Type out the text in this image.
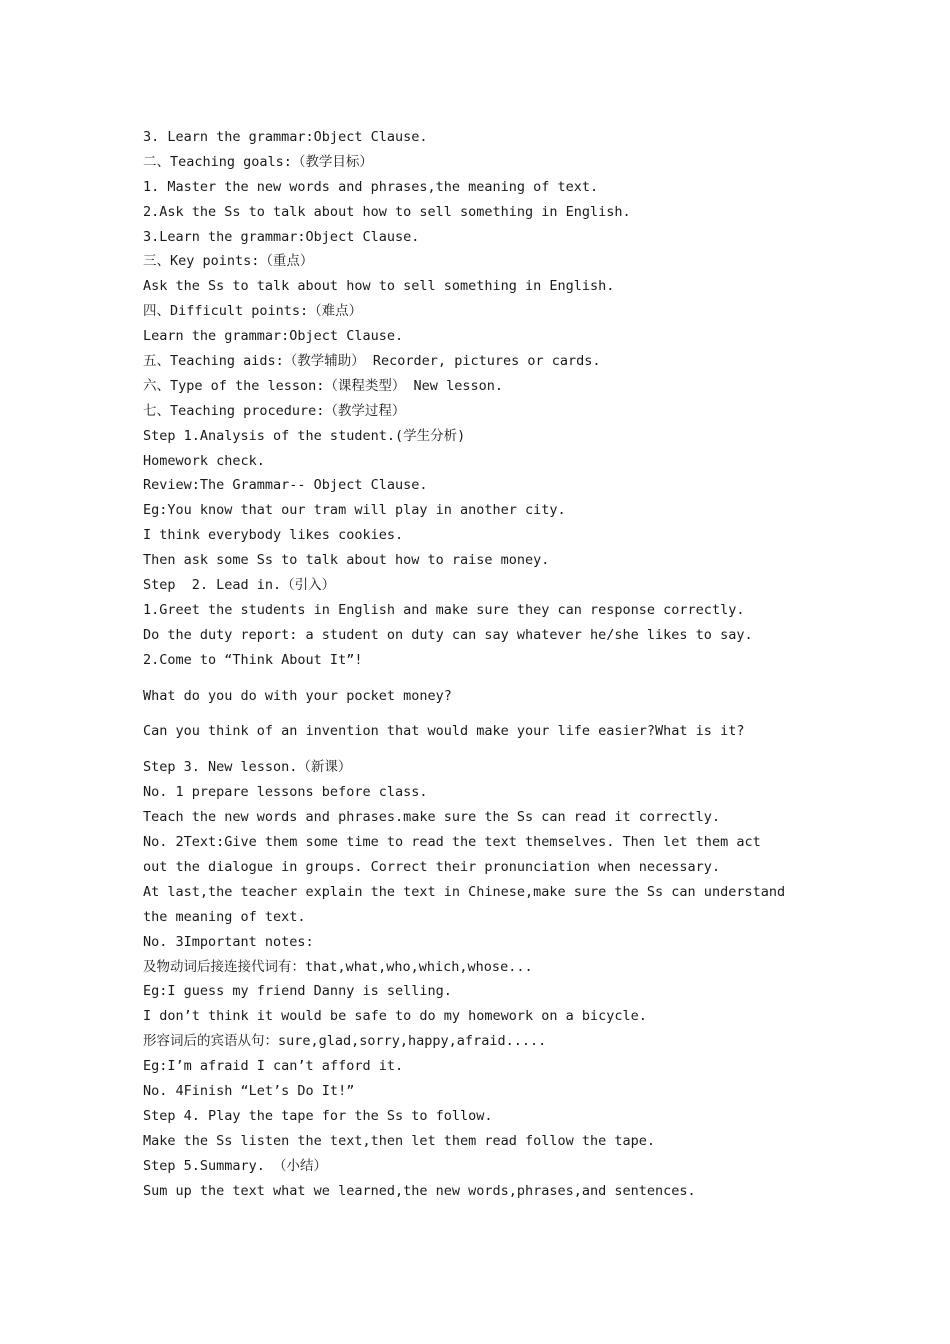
3. Learn the grammar:Object Clause.
二、Teaching goals:（教学目标）
1. Master the new words and phrases,the meaning of text.
2.Ask the Ss to talk about how to sell something in English.
3.Learn the grammar:Object Clause.
三、Key points:（重点）
Ask the Ss to talk about how to sell something in English.
四、Difficult points:（难点）
Learn the grammar:Object Clause.
五、Teaching aids:（教学辅助） Recorder, pictures or cards.
六、Type of the lesson:（课程类型） New lesson.
七、Teaching procedure:（教学过程）
Step 1.Analysis of the student.(学生分析)
Homework check.
Review:The Grammar-- Object Clause.
Eg:You know that our tram will play in another city.
I think everybody likes cookies.
Then ask some Ss to talk about how to raise money.
Step  2. Lead in.（引入）
1.Greet the students in English and make sure they can response correctly.
Do the duty report: a student on duty can say whatever he/she likes to say.
2.Come to “Think About It”!
What do you do with your pocket money?
Can you think of an invention that would make your life easier?What is it?
Step 3. New lesson.（新课）
No. 1 prepare lessons before class.
Teach the new words and phrases.make sure the Ss can read it correctly.
No. 2Text:Give them some time to read the text themselves. Then let them act
out the dialogue in groups. Correct their pronunciation when necessary.
At last,the teacher explain the text in Chinese,make sure the Ss can understand
the meaning of text.
No. 3Important notes:
及物动词后接连接代词有：that,what,who,which,whose...
Eg:I guess my friend Danny is selling.
I don’t think it would be safe to do my homework on a bicycle.
形容词后的宾语从句：sure,glad,sorry,happy,afraid.....
Eg:I’m afraid I can’t afford it.
No. 4Finish “Let’s Do It!”
Step 4. Play the tape for the Ss to follow.
Make the Ss listen the text,then let them read follow the tape.
Step 5.Summary. （小结）
Sum up the text what we learned,the new words,phrases,and sentences.
